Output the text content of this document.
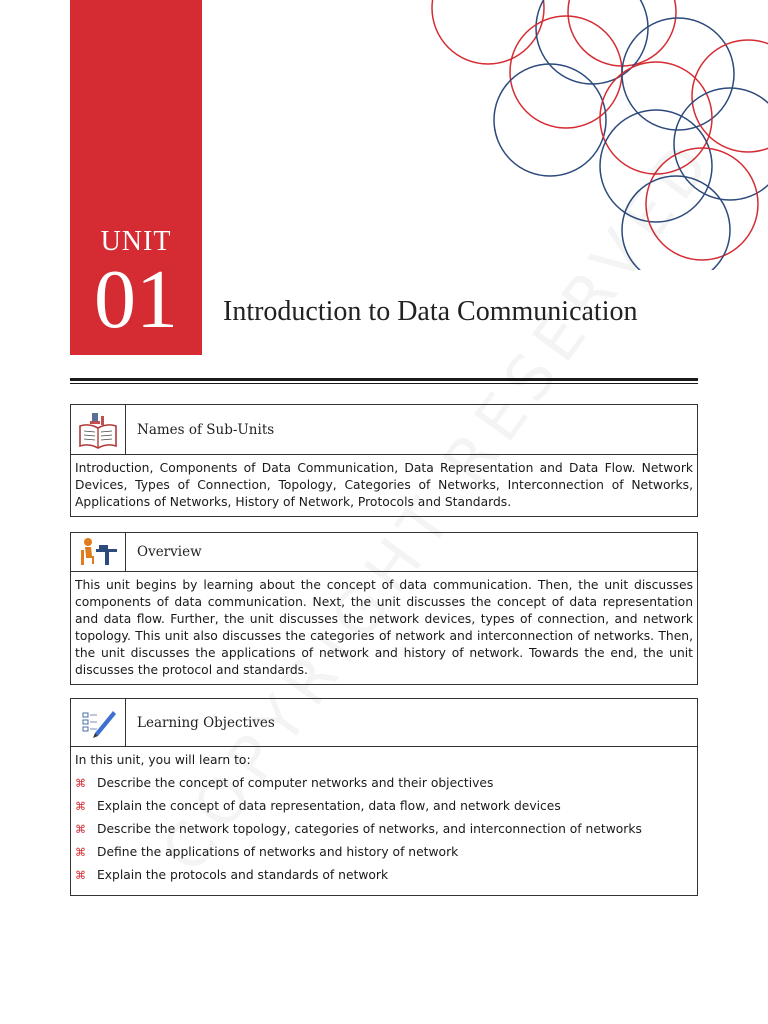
UNIT
01	Introduction to Data Communication
Names of Sub-Units
Introduction, Components of Data Communication, Data Representation and Data Flow. Network Devices, Types of Connection, Topology, Categories of Networks, Interconnection of Networks, Applications of Networks, History of Network, Protocols and Standards.
Overview
This unit begins by learning about the concept of data communication. Then, the unit discusses components of data communication. Next, the unit discusses the concept of data representation and data flow. Further, the unit discusses the network devices, types of connection, and network topology. This unit also discusses the categories of network and interconnection of networks. Then, the unit discusses the applications of network and history of network. Towards the end, the unit discusses the protocol and standards.
Learning Objectives

In this unit, you will learn to:

⌘ Describe the concept of computer networks and their objectives
⌘ Explain the concept of data representation, data flow, and network devices
⌘ Describe the network topology, categories of networks, and interconnection of networks
⌘ Define the applications of networks and history of network
⌘ Explain the protocols and standards of network
